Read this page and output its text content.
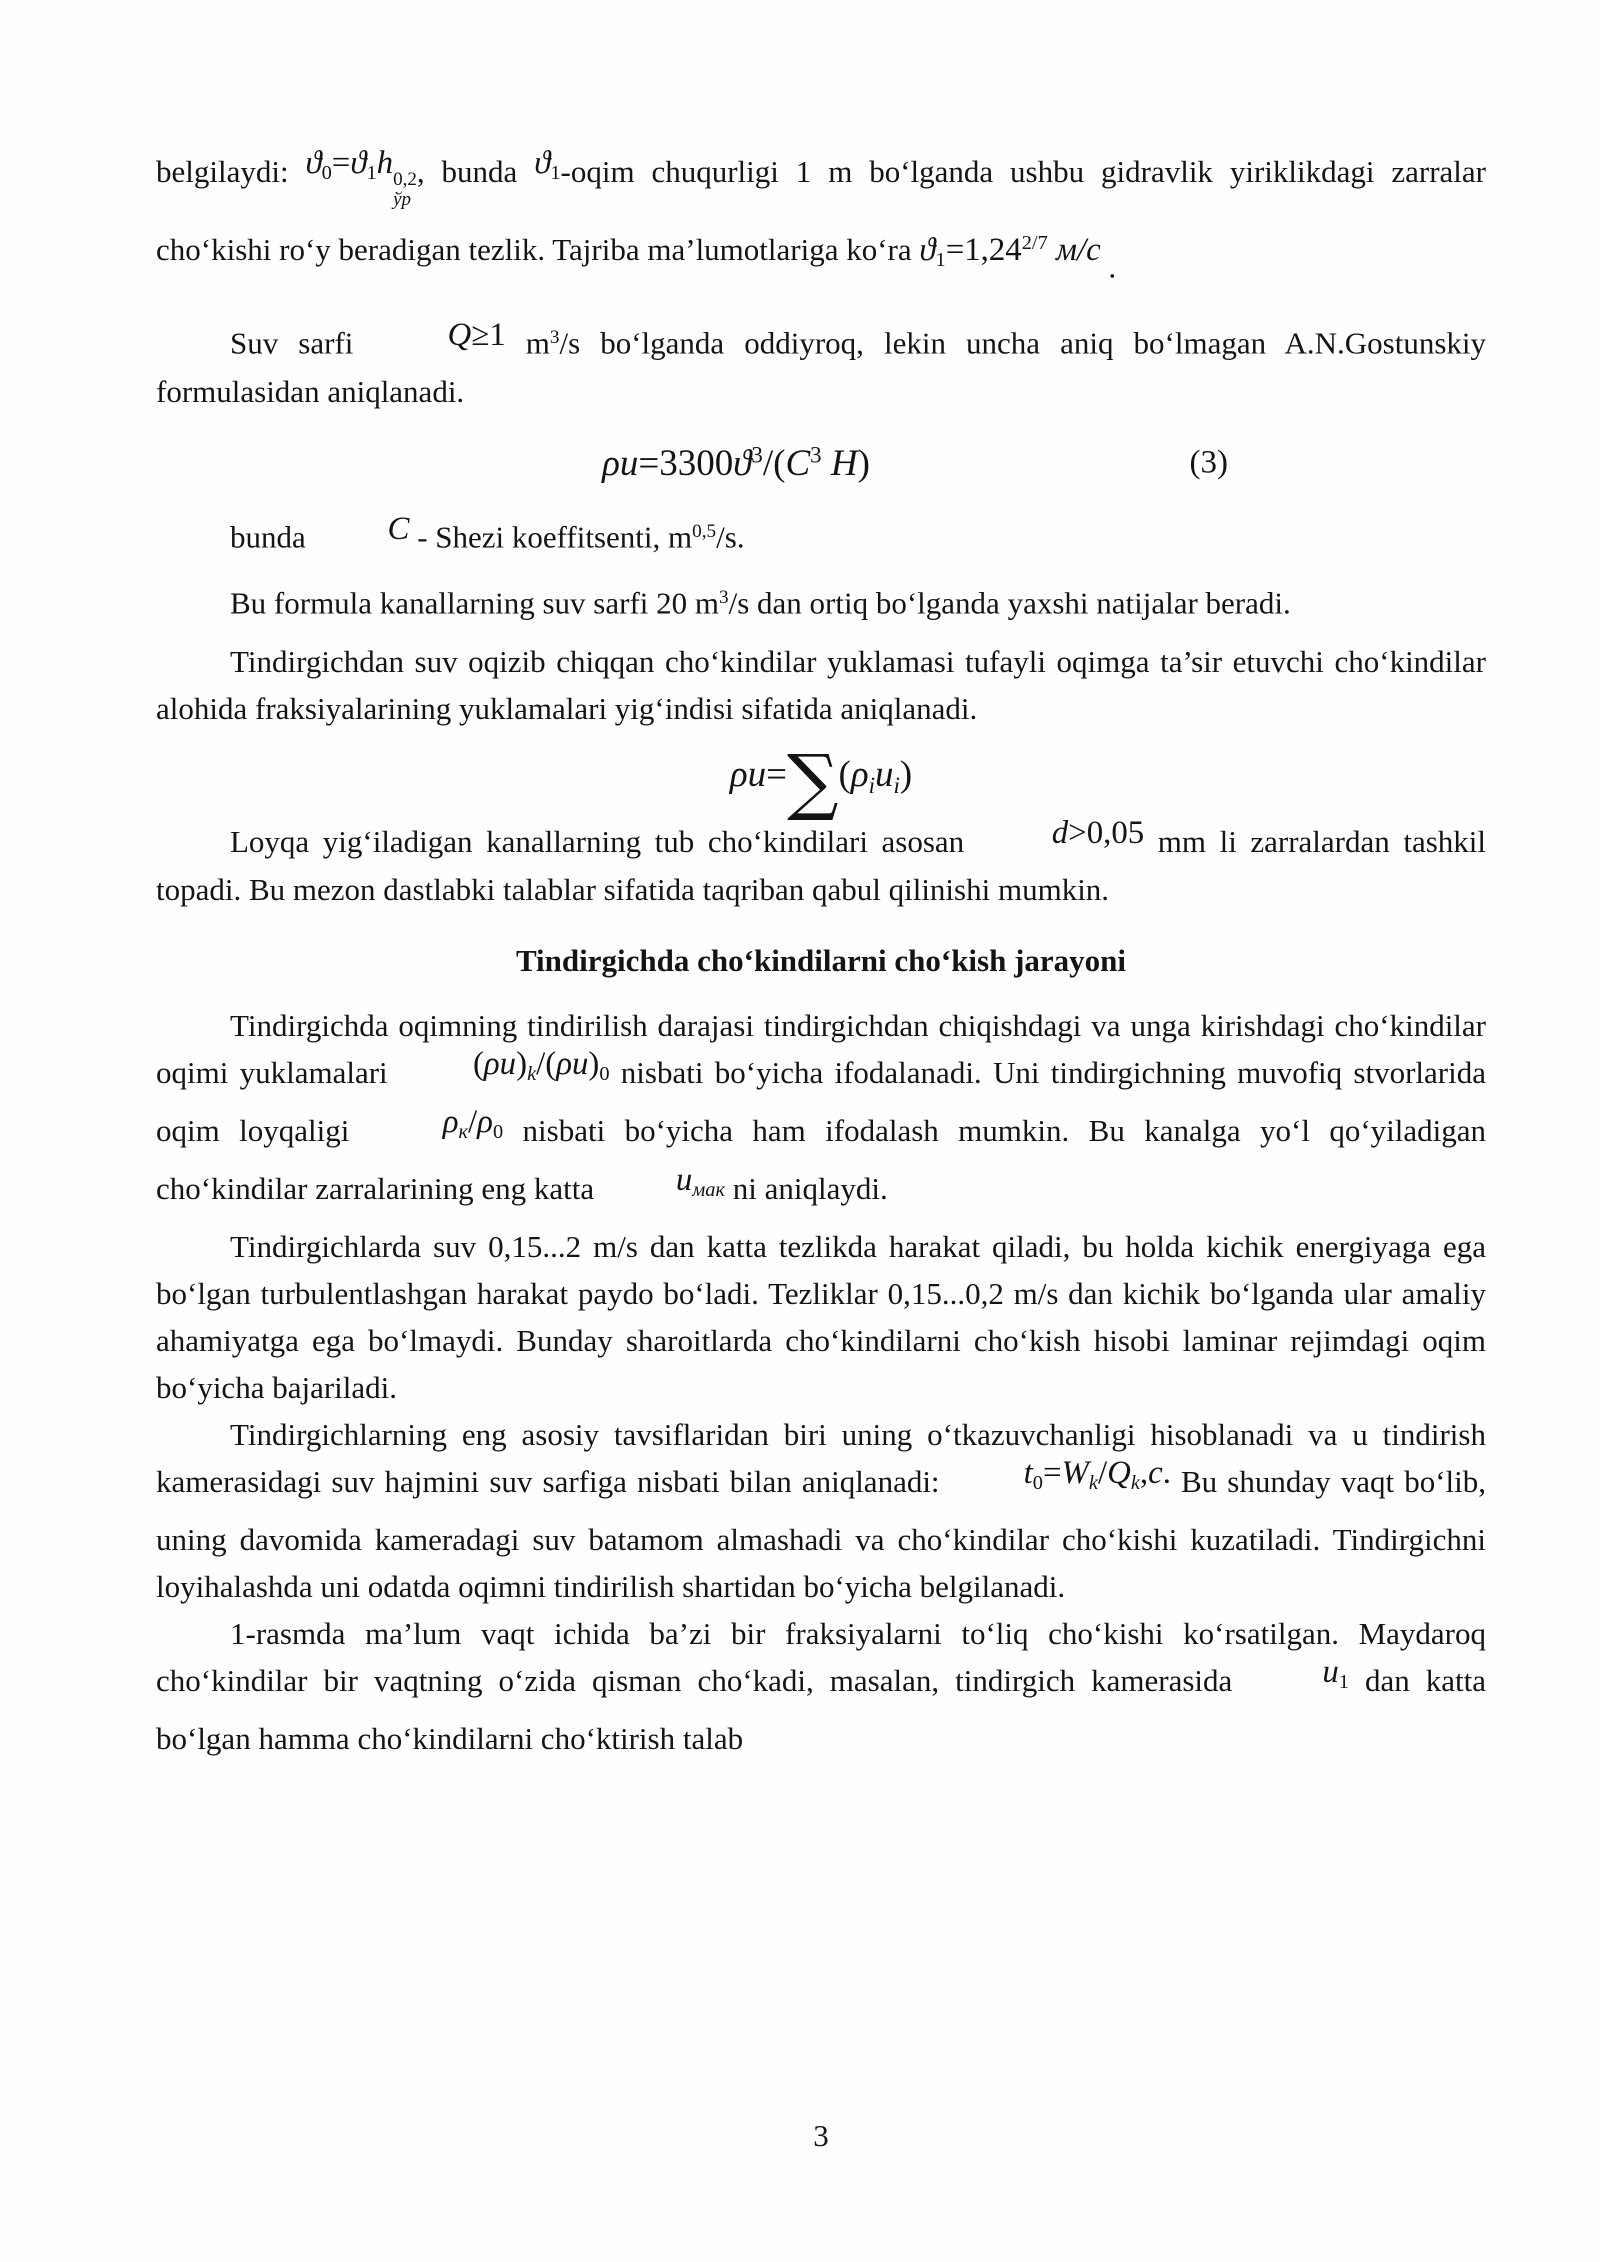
belgilaydi: ϑ0=ϑ1h 0,2
ўр
, bunda ϑ1-oqim chuqurligi 1 m bo‘lganda ushbu gidravlik yiriklikdagi zarralar cho‘kishi ro‘y beradigan tezlik. Tajriba ma’lumotlariga ko‘ra $ϑ1=1,24^{2/7}$ м/с .

Suv sarfi Q≥1 $m^3/s$ bo‘lganda oddiyroq, lekin uncha aniq bo‘lmagan A.N.Gostunskiy formulasidan aniqlanadi.

$\rho u=3300ϑ^3/(C^3$ H)	(3)

bunda C - Shezi koeffitsenti, $m^{0,5}/s$.

Bu formula kanallarning suv sarfi 20 $m^3/s$ dan ortiq bo‘lganda yaxshi natijalar beradi.

Tindirgichdan suv oqizib chiqqan cho‘kindilar yuklamasi tufayli oqimga ta’sir etuvchi cho‘kindilar alohida fraksiyalarining yuklamalari yig‘indisi sifatida aniqlanadi.

ρu=∑(ρiui)

Loyqa yig‘iladigan kanallarning tub cho‘kindilari asosan d>0,05 mm li zarralardan tashkil topadi. Bu mezon dastlabki talablar sifatida taqriban qabul qilinishi mumkin.

Tindirgichda cho‘kindilarni cho‘kish jarayoni

Tindirgichda oqimning tindirilish darajasi tindirgichdan chiqishdagi va unga kirishdagi cho‘kindilar oqimi yuklamalari (ρu)k/(ρu)0 nisbati bo‘yicha ifodalanadi. Uni tindirgichning muvofiq stvorlarida oqim loyqaligi ρк/ρ0 nisbati bo‘yicha ham ifodalash mumkin. Bu kanalga yo‘l qo‘yiladigan cho‘kindilar zarralarining eng katta uмак ni aniqlaydi.

Tindirgichlarda suv 0,15...2 m/s dan katta tezlikda harakat qiladi, bu holda kichik energiyaga ega bo‘lgan turbulentlashgan harakat paydo bo‘ladi. Tezliklar 0,15...0,2 m/s dan kichik bo‘lganda ular amaliy ahamiyatga ega bo‘lmaydi. Bunday sharoitlarda cho‘kindilarni cho‘kish hisobi laminar rejimdagi oqim bo‘yicha bajariladi.

Tindirgichlarning eng asosiy tavsiflaridan biri uning o‘tkazuvchanligi hisoblanadi va u tindirish kamerasidagi suv hajmini suv sarfiga nisbati bilan aniqlanadi: t0=Wk/Qk,c. Bu shunday vaqt bo‘lib, uning davomida kameradagi suv batamom almashadi va cho‘kindilar cho‘kishi kuzatiladi. Tindirgichni loyihalashda uni odatda oqimni tindirilish shartidan bo‘yicha belgilanadi.

1-rasmda ma’lum vaqt ichida ba’zi bir fraksiyalarni to‘liq cho‘kishi ko‘rsatilgan. Maydaroq cho‘kindilar bir vaqtning o‘zida qisman cho‘kadi, masalan, tindirgich kamerasida u1 dan katta bo‘lgan hamma cho‘kindilarni cho‘ktirish talab

3
